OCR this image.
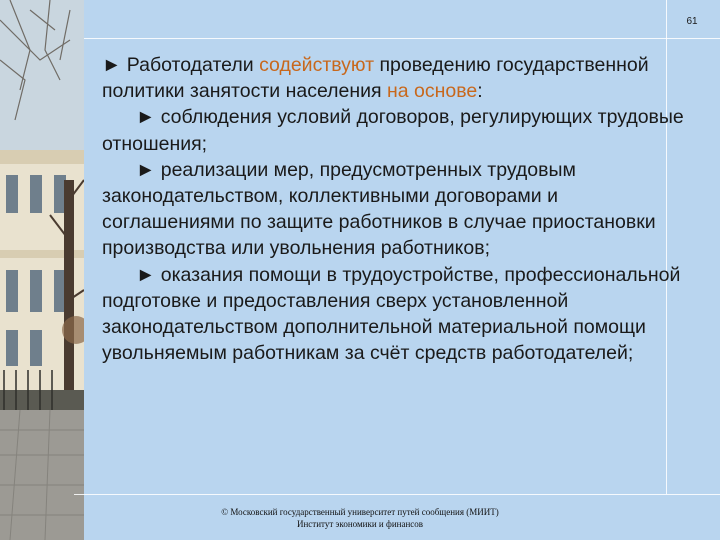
61

► Работодатели содействуют проведению государственной политики занятости населения на основе:

► соблюдения условий договоров, регулирующих трудовые отношения;

► реализации мер, предусмотренных трудовым законодательством, коллективными договорами и соглашениями по защите работников в случае приостановки производства или увольнения работников;

► оказания помощи в трудоустройстве, профессиональной подготовке и предоставления сверх установленной законодательством дополнительной материальной помощи увольняемым работникам за счёт средств работодателей;

© Московский государственный университет путей сообщения (МИИТ)
Институт экономики и финансов
